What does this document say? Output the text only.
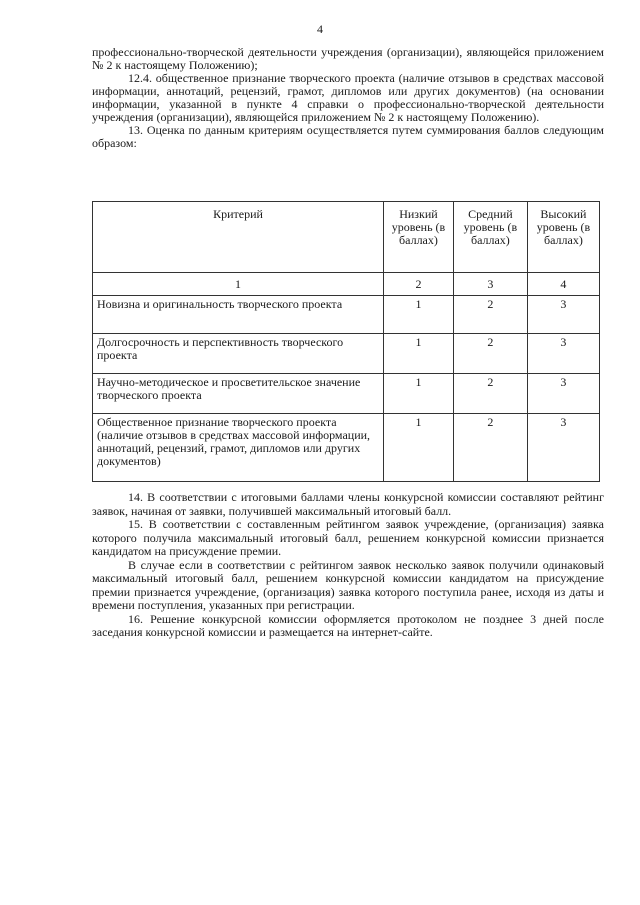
4

профессионально-творческой деятельности учреждения (организации), являющейся приложением № 2 к настоящему Положению);

12.4. общественное признание творческого проекта (наличие отзывов в средствах массовой информации, аннотаций, рецензий, грамот, дипломов или других документов) (на основании информации, указанной в пункте 4 справки о профессионально-творческой деятельности учреждения (организации), являющейся приложением № 2 к настоящему Положению).

13. Оценка по данным критериям осуществляется путем суммирования баллов следующим образом:

Критерий	Низкий уровень (в баллах)	Средний уровень (в баллах)	Высокий уровень (в баллах)
1	2	3	4
Новизна и оригинальность творческого проекта	1	2	3
Долгосрочность и перспективность творческого проекта	1	2	3
Научно-методическое и просветительское значение творческого проекта	1	2	3
Общественное признание творческого проекта (наличие отзывов в средствах массовой информации, аннотаций, рецензий, грамот, дипломов или других документов)	1	2	3

14. В соответствии с итоговыми баллами члены конкурсной комиссии составляют рейтинг заявок, начиная от заявки, получившей максимальный итоговый балл.

15. В соответствии с составленным рейтингом заявок учреждение, (организация) заявка которого получила максимальный итоговый балл, решением конкурсной комиссии признается кандидатом на присуждение премии.

В случае если в соответствии с рейтингом заявок несколько заявок получили одинаковый максимальный итоговый балл, решением конкурсной комиссии кандидатом на присуждение премии признается учреждение, (организация) заявка которого поступила ранее, исходя из даты и времени поступления, указанных при регистрации.

16. Решение конкурсной комиссии оформляется протоколом не позднее 3 дней после заседания конкурсной комиссии и размещается на интернет-сайте.
